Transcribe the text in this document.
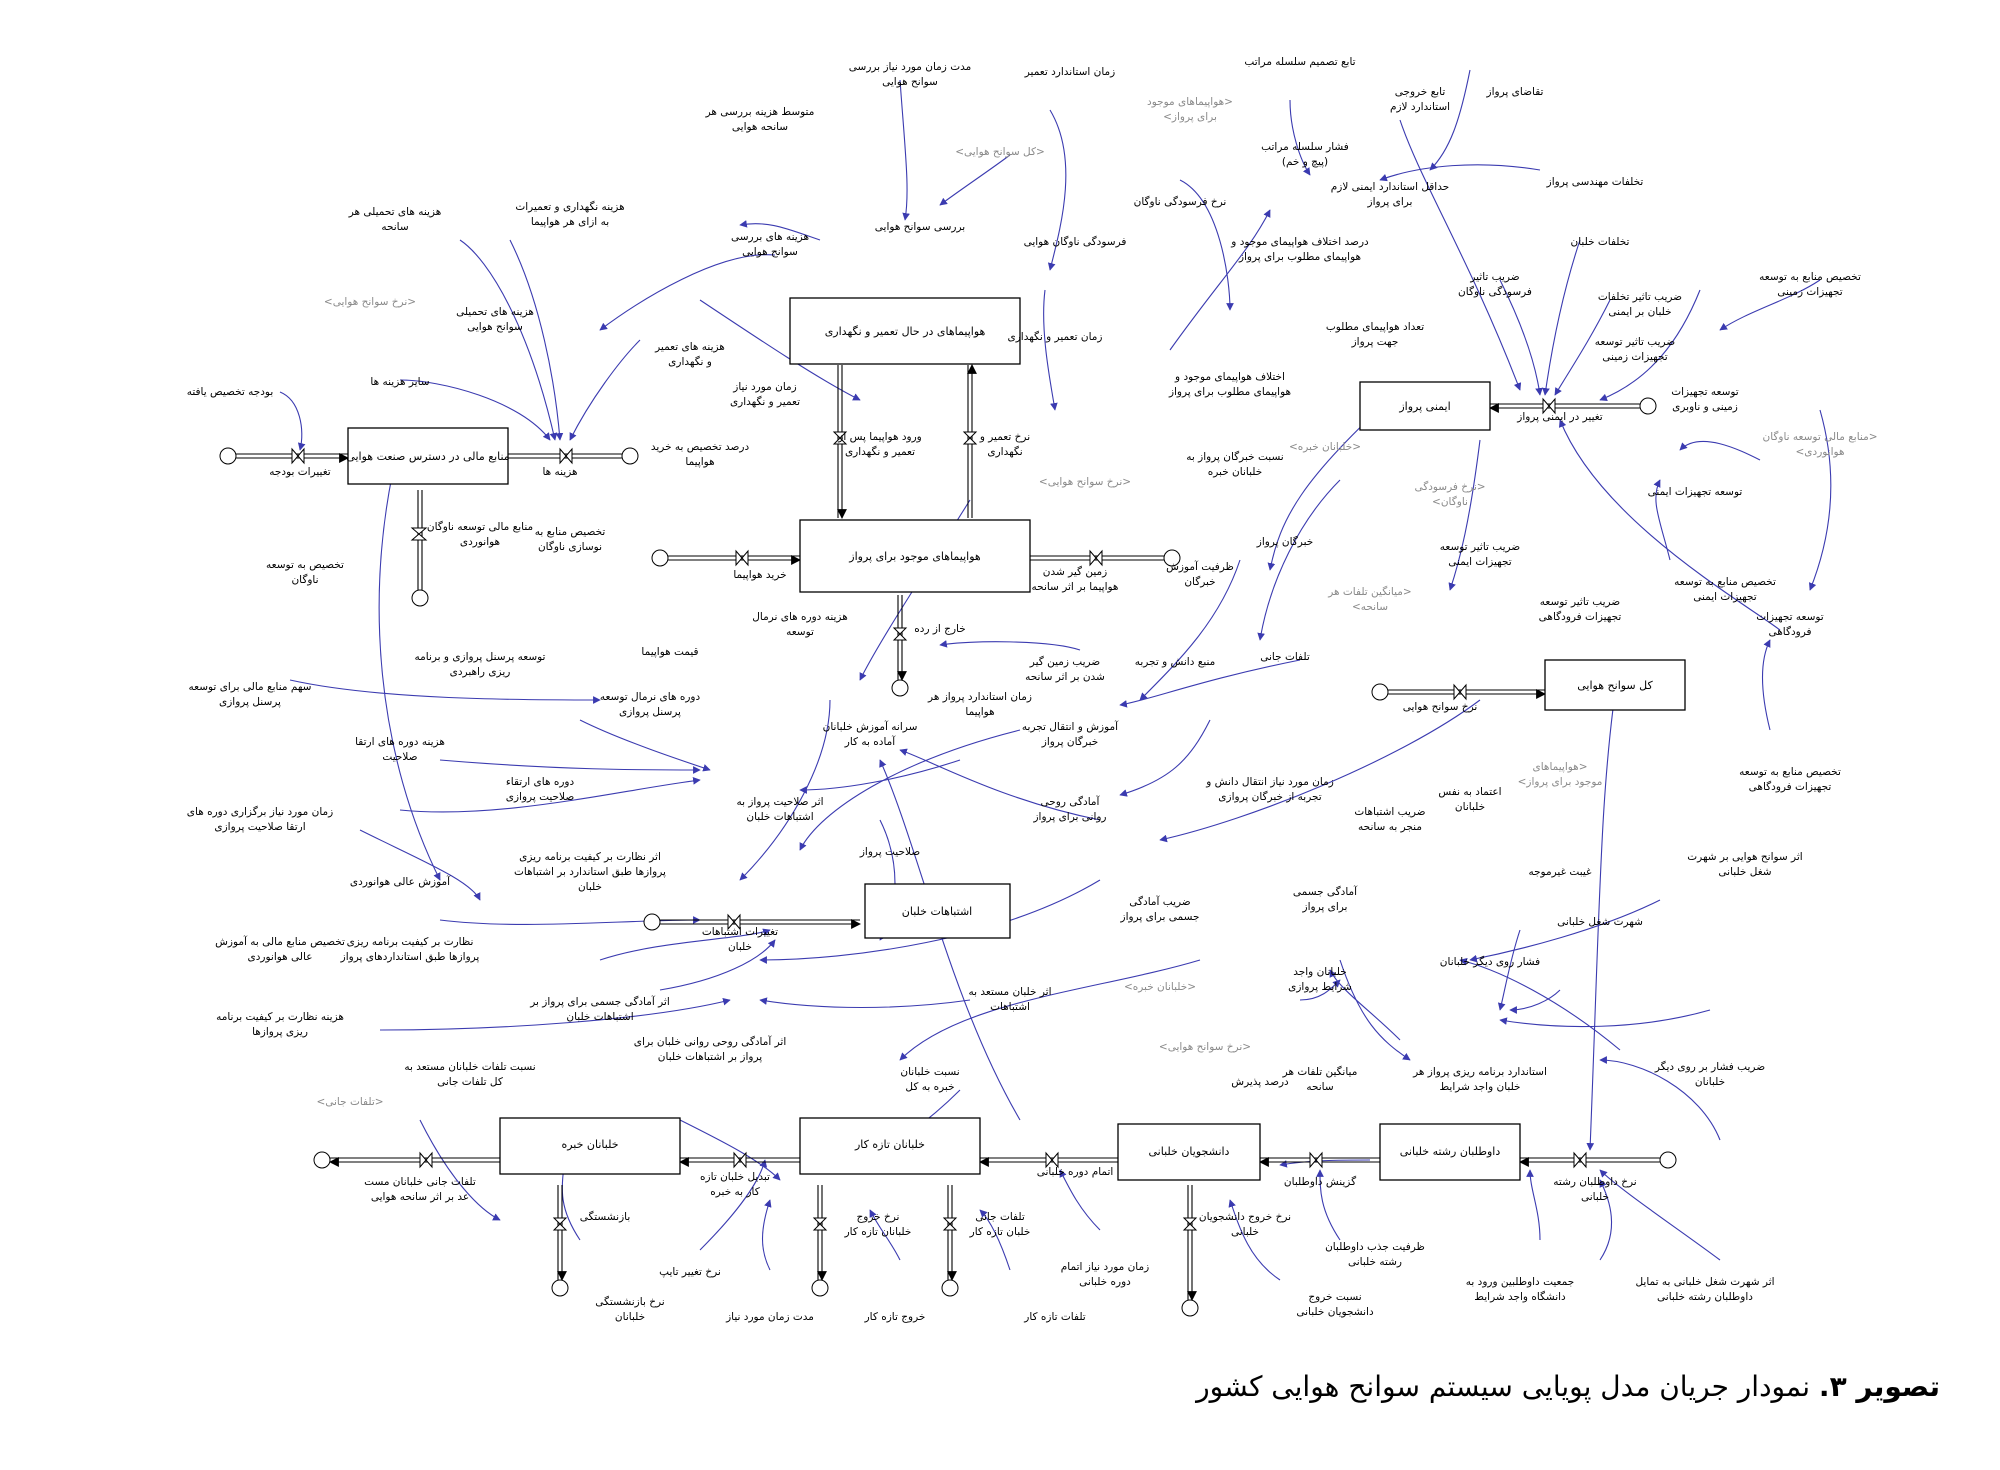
منابع مالی در دسترس صنعت هوایی
هواپیماهای در حال تعمیر و نگهداری
هواپیماهای موجود برای پرواز
ایمنی پرواز
کل سوانح هوایی
اشتباهات خلبان
خلبانان خبره	خلبانان تازه کار
دانشجویان خلبانی	داوطلبان رشته خلبانی
بودجه تخصیص یافته
تغییرات بودجه	هزینه ها
سایر هزینه ها
هزینه های تحمیلی سوانح هوایی
هزینه های تحمیلی هر سانحه
<نرخ سوانح هوایی>
هزینه های تعمیر و نگهداری
هزینه نگهداری و تعمیرات به ازای هر هواپیما
هزینه های بررسی سوانح هوایی
متوسط هزینه بررسی هر سانحه هوایی
بررسی سوانح هوایی
مدت زمان مورد نیاز بررسی سوانح هوایی
<کل سوانح هوایی>
زمان استاندارد تعمیر
فرسودگی ناوگان هوایی
نرخ فرسودگی ناوگان
<هواپیماهای موجود برای پرواز>
زمان تعمیر و نگهداری
زمان مورد نیاز تعمیر و نگهداری
ورود هواپیما پس از تعمیر و نگهداری
نرخ تعمیر و نگهداری
درصد اختلاف هواپیمای موجود و هواپیمای مطلوب برای پرواز
تعداد هواپیمای مطلوب جهت پرواز
اختلاف هواپیمای موجود و هواپیمای مطلوب برای پرواز
منابع مالی توسعه ناوگان هوانوردی
تخصیص به توسعه ناوگان
تخصیص منابع به نوسازی ناوگان
درصد تخصیص به خرید هواپیما
خرید هواپیما
قیمت هواپیما
زمین گیر شدن هواپیما بر اثر سانحه
<نرخ سوانح هوایی>
ضریب زمین گیر شدن بر اثر سانحه
خارج از رده
زمان استاندارد پرواز هر هواپیما
حداقل استاندارد ایمنی لازم برای پرواز
فشار سلسله مراتب (پیچ و خم)
تابع تصمیم سلسله مراتب
تابع خروجی استاندارد لازم
تقاضای پرواز
تخلفات مهندسی پرواز
تخلفات خلبان
ضریب تاثیر فرسودگی ناوگان	ضریب تاثیر تخلفات خلبان بر ایمنی
تخصیص منابع به توسعه تجهیزات زمینی
ضریب تاثیر توسعه تجهیزات زمینی
توسعه تجهیزات زمینی و ناوبری
<منابع مالی توسعه ناوگان هوانوردی>
تغییر در ایمنی پرواز
<نرخ فرسودگی ناوگان>
ضریب تاثیر توسعه تجهیزات ایمنی
توسعه تجهیزات ایمنی
تخصیص منابع به توسعه تجهیزات ایمنی
ضریب تاثیر توسعه تجهیزات فرودگاهی	توسعه تجهیزات فرودگاهی
تخصیص منابع به توسعه تجهیزات فرودگاهی
نسبت خبرگان پرواز به خلبانان خبره
<خلبانان خبره>
خبرگان پرواز
ظرفیت آموزش خبرگان
منبع دانش و تجربه
<میانگین تلفات هر سانحه>
تلفات جانی
آموزش و انتقال تجربه خبرگان پرواز
نرخ سوانح هوایی
<هواپیماهای موجود برای پرواز>
توسعه پرسنل پروازی و برنامه ریزی راهبردی
سهم منابع مالی برای توسعه پرسنل پروازی	دوره های نرمال توسعه پرسنل پروازی
هزینه دوره های نرمال توسعه
سرانه آموزش خلبانان آماده به کار
هزینه دوره های ارتقا صلاحیت
دوره های ارتقاء صلاحیت پروازی
زمان مورد نیاز برگزاری دوره های ارتقا صلاحیت پروازی
زمان مورد نیاز انتقال دانش و تجربه از خبرگان پروازی
آمادگی روحی روانی برای پرواز
اثر صلاحیت پرواز به اشتباهات خلبان
صلاحیت پرواز
ضریب اشتباهات منجر به سانحه
اعتماد به نفس خلبانان
غیبت غیرموجه
اثر نظارت بر کیفیت برنامه ریزی پروازها طبق استاندارد بر اشتباهات خلبان
تغییرات اشتباهات خلبان
آموزش عالی هوانوردی
تخصیص منابع مالی به آموزش عالی هوانوردی
نظارت بر کیفیت برنامه ریزی پروازها طبق استانداردهای پرواز
هزینه نظارت بر کیفیت برنامه ریزی پروازها
اثر آمادگی جسمی برای پرواز بر اشتباهات خلبان
اثر آمادگی روحی روانی خلبان برای پرواز بر اشتباهات خلبان
اثر خلبان مستعد به اشتباهات
ضریب آمادگی جسمی برای پرواز
آمادگی جسمی برای پرواز
خلبانان واجد شرایط پروازی
<خلبانان خبره>
فشار روی دیگر خلبانان
شهرت شغل خلبانی
اثر سوانح هوایی بر شهرت شغل خلبانی
ضریب فشار بر روی دیگر خلبانان
<نرخ سوانح هوایی>
میانگین تلفات هر سانحه
استاندارد برنامه ریزی پرواز هر خلبان واجد شرایط
نسبت تلفات خلبانان مستعد به کل تلفات جانی
<تلفات جانی>
نسبت خلبانان خبره به کل
تلفات جانی خلبانان مست عد بر اثر سانحه هوایی
بازنشستگی
نرخ بازنشستگی خلبانان
تبدیل خلبان تازه کار به خبره
نرخ تغییر تایپ
مدت زمان مورد نیاز
نرخ خروج خلبانان تازه کار
خروج تازه کار
تلفات جانی خلبان تازه کار
تلفات تازه کار
اتمام دوره خلبانی
زمان مورد نیاز اتمام دوره خلبانی
نرخ خروج دانشجویان خلبانی
نسبت خروج دانشجویان خلبانی
گزینش داوطلبان
درصد پذیرش
ظرفیت جذب داوطلبان رشته خلبانی
جمعیت داوطلبین ورود به دانشگاه واجد شرایط
نرخ داوطلبان رشته خلبانی
اثر شهرت شغل خلبانی به تمایل داوطلبان رشته خلبانی
تصویر ۳. نمودار جریان مدل پویایی سیستم سوانح هوایی کشور
